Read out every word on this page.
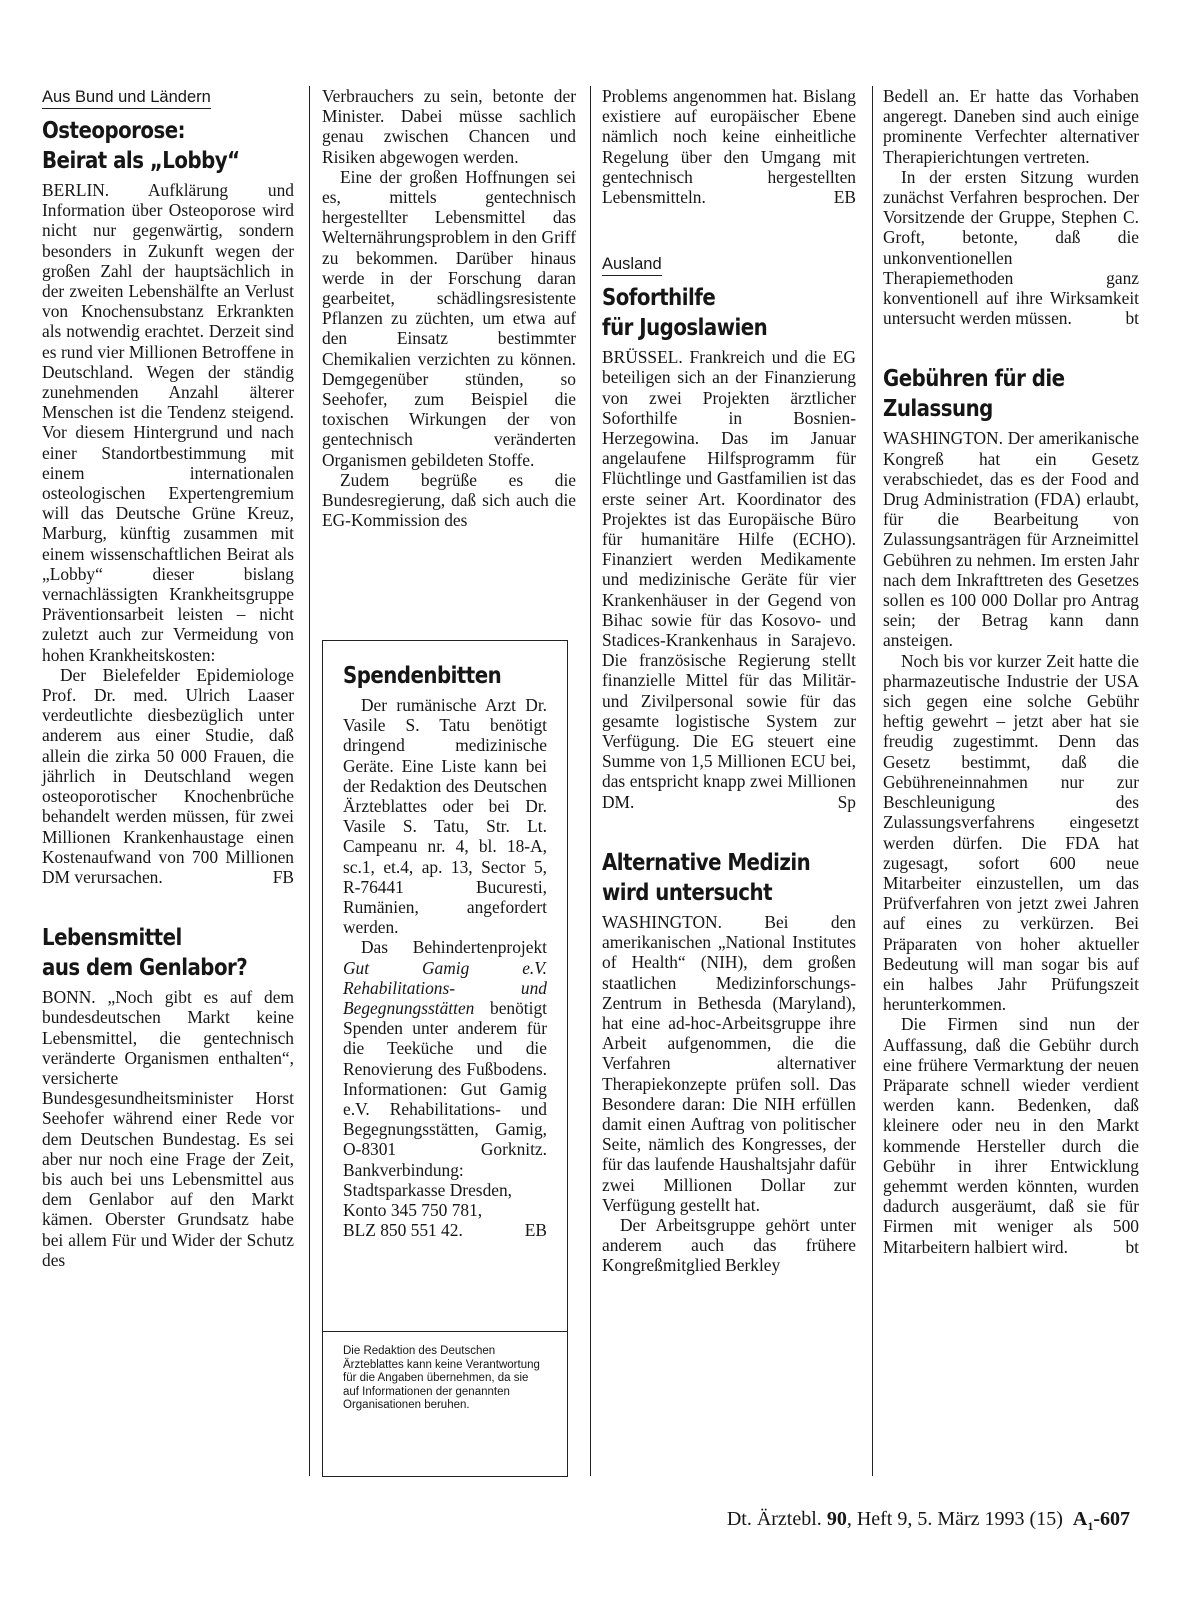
Aus Bund und Ländern
Osteoporose:
Beirat als „Lobby“

BERLIN. Aufklärung und Information über Osteoporose wird nicht nur gegenwärtig, sondern besonders in Zukunft wegen der großen Zahl der hauptsächlich in der zweiten Lebenshälfte an Verlust von Knochensubstanz Erkrankten als notwendig erachtet. Derzeit sind es rund vier Millionen Betroffene in Deutschland. Wegen der ständig zunehmenden Anzahl älterer Menschen ist die Tendenz steigend. Vor diesem Hintergrund und nach einer Standortbestimmung mit einem internationalen osteologischen Expertengremium will das Deutsche Grüne Kreuz, Marburg, künftig zusammen mit einem wissenschaftlichen Beirat als „Lobby“ dieser bislang vernachlässigten Krankheitsgruppe Präventionsarbeit leisten – nicht zuletzt auch zur Vermeidung von hohen Krankheitskosten:

Der Bielefelder Epidemiologe Prof. Dr. med. Ulrich Laaser verdeutlichte diesbezüglich unter anderem aus einer Studie, daß allein die zirka 50 000 Frauen, die jährlich in Deutschland wegen osteoporotischer Knochenbrüche behandelt werden müssen, für zwei Millionen Krankenhaustage einen Kostenaufwand von 700 Millionen DM verursachen.	FB

Lebensmittel
aus dem Genlabor?

BONN. „Noch gibt es auf dem bundesdeutschen Markt keine Lebensmittel, die gentechnisch veränderte Organismen enthalten“, versicherte Bundesgesundheitsminister Horst Seehofer während einer Rede vor dem Deutschen Bundestag. Es sei aber nur noch eine Frage der Zeit, bis auch bei uns Lebensmittel aus dem Genlabor auf den Markt kämen. Oberster Grundsatz habe bei allem Für und Wider der Schutz des

Verbrauchers zu sein, betonte der Minister. Dabei müsse sachlich genau zwischen Chancen und Risiken abgewogen werden.

Eine der großen Hoffnungen sei es, mittels gentechnisch hergestellter Lebensmittel das Welternährungsproblem in den Griff zu bekommen. Darüber hinaus werde in der Forschung daran gearbeitet, schädlingsresistente Pflanzen zu züchten, um etwa auf den Einsatz bestimmter Chemikalien verzichten zu können. Demgegenüber stünden, so Seehofer, zum Beispiel die toxischen Wirkungen der von gentechnisch veränderten Organismen gebildeten Stoffe.

Zudem begrüße es die Bundesregierung, daß sich auch die EG-Kommission des

Spendenbitten

Der rumänische Arzt Dr. Vasile S. Tatu benötigt dringend medizinische Geräte. Eine Liste kann bei der Redaktion des Deutschen Ärzteblattes oder bei Dr. Vasile S. Tatu, Str. Lt. Campeanu nr. 4, bl. 18-A, sc.1, et.4, ap. 13, Sector 5, R-76441 Bucuresti, Rumänien, angefordert werden.

Das Behindertenprojekt Gut Gamig e.V. Rehabilitations- und Begegnungsstätten benötigt Spenden unter anderem für die Teeküche und die Renovierung des Fußbodens. Informationen: Gut Gamig e.V. Rehabilitations- und Begegnungsstätten, Gamig, O-8301 Gorknitz. Bankverbindung: Stadtsparkasse Dresden,

Konto 345 750 781,
BLZ 850 551 42.	EB
Die Redaktion des Deutschen Ärzteblattes kann keine Verantwortung für die Angaben übernehmen, da sie auf Informationen der genannten Organisationen beruhen.

Problems angenommen hat. Bislang existiere auf europäischer Ebene nämlich noch keine einheitliche Regelung über den Umgang mit gentechnisch hergestellten Lebensmitteln.	EB

Ausland
Soforthilfe
für Jugoslawien

BRÜSSEL. Frankreich und die EG beteiligen sich an der Finanzierung von zwei Projekten ärztlicher Soforthilfe in Bosnien-Herzegowina. Das im Januar angelaufene Hilfsprogramm für Flüchtlinge und Gastfamilien ist das erste seiner Art. Koordinator des Projektes ist das Europäische Büro für humanitäre Hilfe (ECHO). Finanziert werden Medikamente und medizinische Geräte für vier Krankenhäuser in der Gegend von Bihac sowie für das Kosovo- und Stadices-Krankenhaus in Sarajevo. Die französische Regierung stellt finanzielle Mittel für das Militär- und Zivilpersonal sowie für das gesamte logistische System zur Verfügung. Die EG steuert eine Summe von 1,5 Millionen ECU bei, das entspricht knapp zwei Millionen DM.	Sp

Alternative Medizin
wird untersucht

WASHINGTON. Bei den amerikanischen „National Institutes of Health“ (NIH), dem großen staatlichen Medizinforschungs-Zentrum in Bethesda (Maryland), hat eine ad-hoc-Arbeitsgruppe ihre Arbeit aufgenommen, die die Verfahren alternativer Therapiekonzepte prüfen soll. Das Besondere daran: Die NIH erfüllen damit einen Auftrag von politischer Seite, nämlich des Kongresses, der für das laufende Haushaltsjahr dafür zwei Millionen Dollar zur Verfügung gestellt hat.

Der Arbeitsgruppe gehört unter anderem auch das frühere Kongreßmitglied Berkley

Bedell an. Er hatte das Vorhaben angeregt. Daneben sind auch einige prominente Verfechter alternativer Therapierichtungen vertreten.

In der ersten Sitzung wurden zunächst Verfahren besprochen. Der Vorsitzende der Gruppe, Stephen C. Groft, betonte, daß die unkonventionellen Therapiemethoden ganz konventionell auf ihre Wirksamkeit untersucht werden müssen.	bt

Gebühren für die
Zulassung

WASHINGTON. Der amerikanische Kongreß hat ein Gesetz verabschiedet, das es der Food and Drug Administration (FDA) erlaubt, für die Bearbeitung von Zulassungsanträgen für Arzneimittel Gebühren zu nehmen. Im ersten Jahr nach dem Inkrafttreten des Gesetzes sollen es 100 000 Dollar pro Antrag sein; der Betrag kann dann ansteigen.

Noch bis vor kurzer Zeit hatte die pharmazeutische Industrie der USA sich gegen eine solche Gebühr heftig gewehrt – jetzt aber hat sie freudig zugestimmt. Denn das Gesetz bestimmt, daß die Gebühreneinnahmen nur zur Beschleunigung des Zulassungsverfahrens eingesetzt werden dürfen. Die FDA hat zugesagt, sofort 600 neue Mitarbeiter einzustellen, um das Prüfverfahren von jetzt zwei Jahren auf eines zu verkürzen. Bei Präparaten von hoher aktueller Bedeutung will man sogar bis auf ein halbes Jahr Prüfungszeit herunterkommen.

Die Firmen sind nun der Auffassung, daß die Gebühr durch eine frühere Vermarktung der neuen Präparate schnell wieder verdient werden kann. Bedenken, daß kleinere oder neu in den Markt kommende Hersteller durch die Gebühr in ihrer Entwicklung gehemmt werden könnten, wurden dadurch ausgeräumt, daß sie für Firmen mit weniger als 500 Mitarbeitern halbiert wird.	bt

Dt. Ärztebl. 90, Heft 9, 5. März 1993 (15) $A_1-607$
